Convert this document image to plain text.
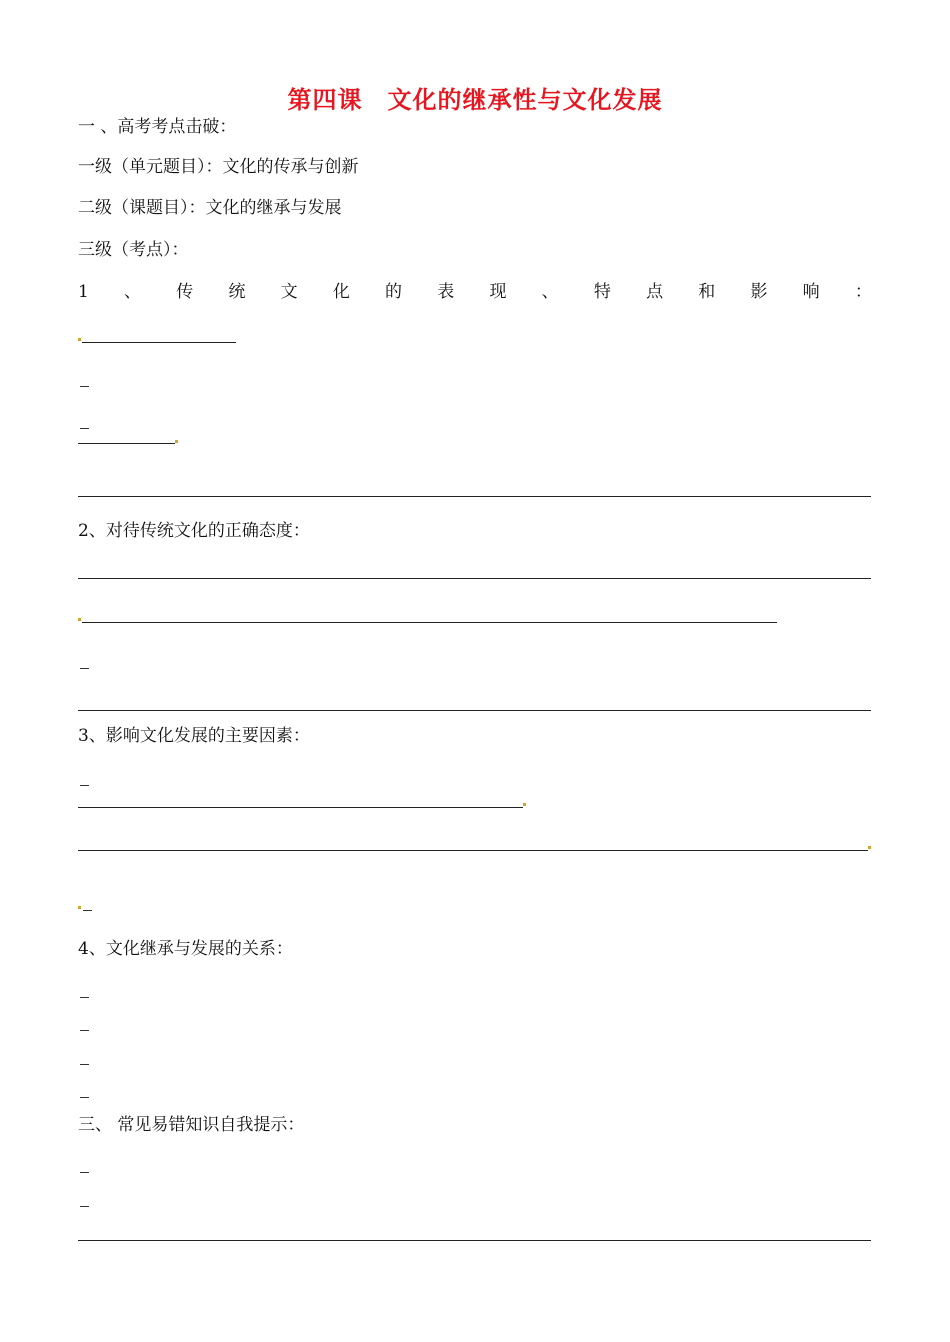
第四课　文化的继承性与文化发展
一 、高考考点击破：
一级（单元题目）：文化的传承与创新
二级（课题目）：文化的继承与发展
三级（考点）：
1 、 传 统 文 化 的 表 现 、 特 点 和 影 响 ：
2、对待传统文化的正确态度：
3、影响文化发展的主要因素：
4、文化继承与发展的关系：
三、 常见易错知识自我提示：
